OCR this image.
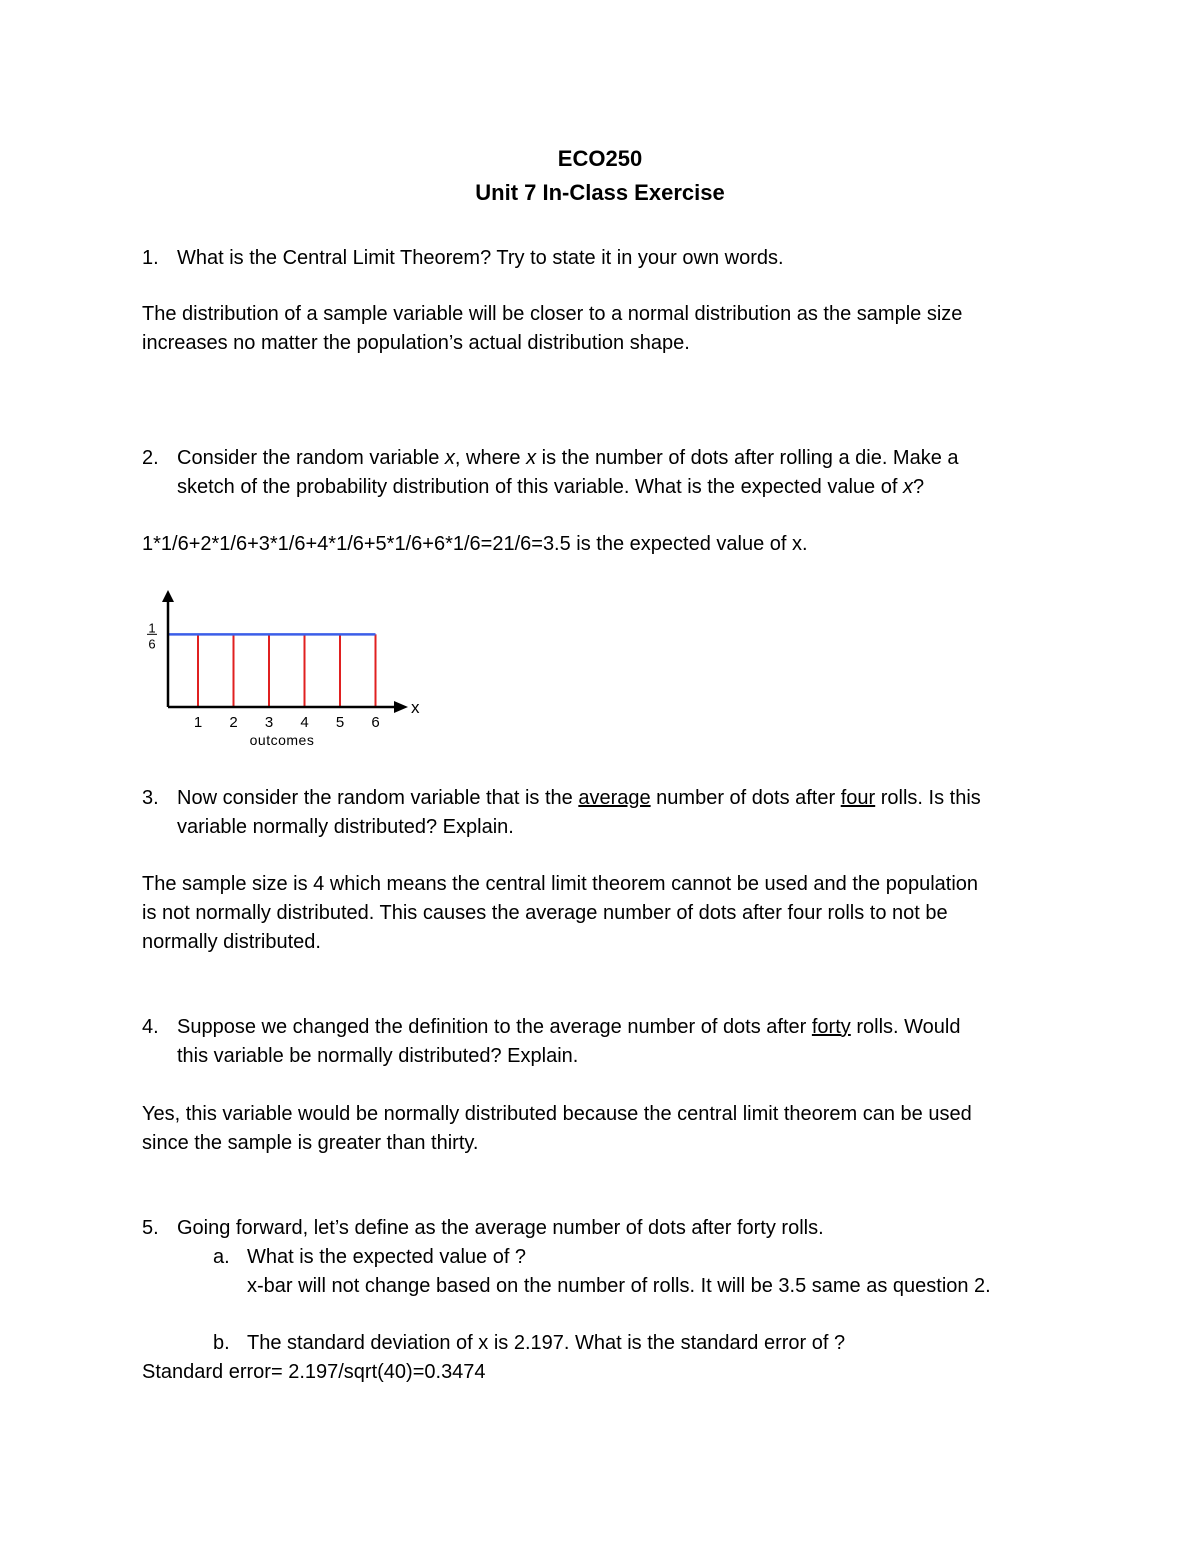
ECO250
Unit 7 In-Class Exercise
1. What is the Central Limit Theorem? Try to state it in your own words.
The distribution of a sample variable will be closer to a normal distribution as the sample size
increases no matter the population’s actual distribution shape.
2. Consider the random variable x, where x is the number of dots after rolling a die. Make a
sketch of the probability distribution of this variable. What is the expected value of x?
1*1/6+2*1/6+3*1/6+4*1/6+5*1/6+6*1/6=21/6=3.5 is the expected value of x.
1 2 3 4 5 6
outcomes
x
1
6
3. Now consider the random variable that is the average number of dots after four rolls. Is this
variable normally distributed? Explain.
The sample size is 4 which means the central limit theorem cannot be used and the population
is not normally distributed. This causes the average number of dots after four rolls to not be
normally distributed.
4. Suppose we changed the definition to the average number of dots after forty rolls. Would
this variable be normally distributed? Explain.
Yes, this variable would be normally distributed because the central limit theorem can be used
since the sample is greater than thirty.
5. Going forward, let’s define as the average number of dots after forty rolls.
a. What is the expected value of ?
x-bar will not change based on the number of rolls. It will be 3.5 same as question 2.
b. The standard deviation of x is 2.197. What is the standard error of ?
Standard error= 2.197/sqrt(40)=0.3474
